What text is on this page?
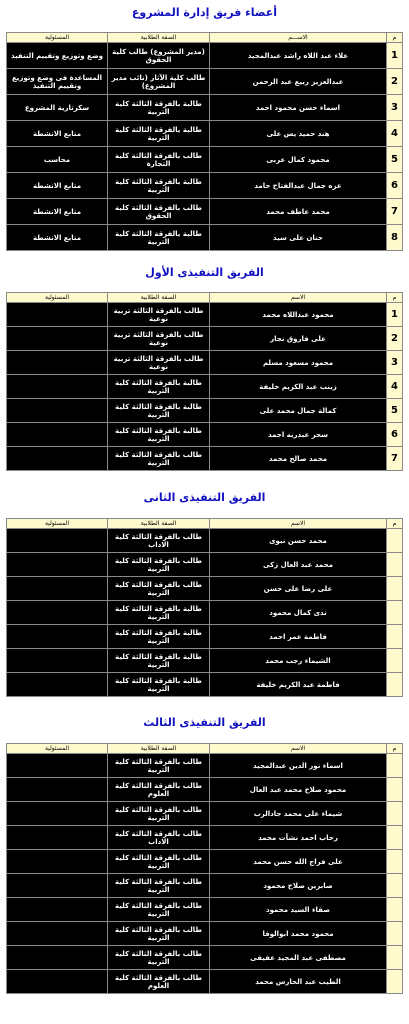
أعضاء فريق إدارة المشروع
م	الاســـم	الصفة الطلابية	المسئولية
1	علاء عبد اللاه راشد عبدالمجيد	(مدير المشروع) طالب كلية الحقوق	وضع وتوزيع وتقييم التنفيذ
2	عبدالعزيز ربيع عبد الرحمن	طالب كلية الآثار (نائب مدير المشروع)	المساعدة فى وضع وتوزيع وتقييم التنفيذ
3	اسماء حسن محمود احمد	طالبة بالفرقة الثالثة كلية التربية	سكرتارية المشروع
4	هند حميد يس على	طالبة بالفرقة الثالثة كلية التربية	متابع الانشطة
5	محمود كمال عربى	طالب بالفرقة الثالثة كلية التجارة	محاسب
6	عزه جمال عبدالفتاح حامد	طالبة بالفرقة الثالثة كلية التربية	متابع الانشطة
7	محمد عاطف محمد	طالب بالفرقة الثالثة كلية الحقوق	متابع الانشطة
8	حنان على سيد	طالبة بالفرقة الثالثة كلية التربية	متابع الانشطة
الفريق التنفيذى الأول
م	الاسم	الصفة الطلابية	المسئولية
1	محمود عبداللاه محمد	طالب بالفرقة الثالثة تربية نوعية	
2	على فاروق نجار	طالب بالفرقة الثالثة تربية نوعية	
3	محمود مسعود مسلم	طالب بالفرقة الثالثة تربية نوعية	
4	زينب عبد الكريم خليفة	طالبة بالفرقة الثالثة كلية التربية	
5	كمالة جمال محمد على	طالبة بالفرقة الثالثة كلية التربية	
6	سحر عبدربه احمد	طالبة بالفرقة الثالثة كلية التربية	
7	محمد صالح محمد	طالب بالفرقة الثالثة كلية التربية	
الفريق التنفيذى الثانى
م	الاسم	الصفة الطلابية	المسئولية
	محمد حسن نبوى	طالب بالفرقة الثالثة كلية الاداب	
	محمد عبد العال زكى	طالب بالفرقة الثالثة كلية التربية	
	على رضا على حسن	طالب بالفرقة الثالثة كلية التربية	
	ندى كمال محمود	طالبة بالفرقة الثالثة كلية التربية	
	فاطمة عمر احمد	طالبة بالفرقة الثالثة كلية التربية	
	الشيماء رجب محمد	طالبة بالفرقة الثالثة كلية التربية	
	فاطمة عبد الكريم خليفة	طالبة بالفرقة الثالثة كلية التربية	
الفريق التنفيذى الثالث
م	الاسم	الصفة الطلابية	المسئولية
	اسماء نور الدين عبدالمجيد	طالب بالفرقة الثالثة كلية التربية	
	محمود صلاح محمد عبد العال	طالب بالفرقة الثالثة كلية العلوم	
	شيماء على محمد جادالرب	طالب بالفرقة الثالثة كلية التربية	
	رحاب احمد نشأت محمد	طالب بالفرقة الثالثة كلية الاداب	
	على فراج الله حسن محمد	طالب بالفرقة الثالثة كلية التربية	
	صابرين صلاح محمود	طالب بالفرقة الثالثة كلية التربية	
	صفاء السيد محمود	طالب بالفرقة الثالثة كلية التربية	
	محمود محمد ابوالوفا	طالب بالفرقة الثالثة كلية التربية	
	مصطفى عبد المجيد عفيفى	طالب بالفرقة الثالثة كلية التربية	
	الطيب عبد الحارس محمد	طالب بالفرقة الثالثة كلية العلوم	
